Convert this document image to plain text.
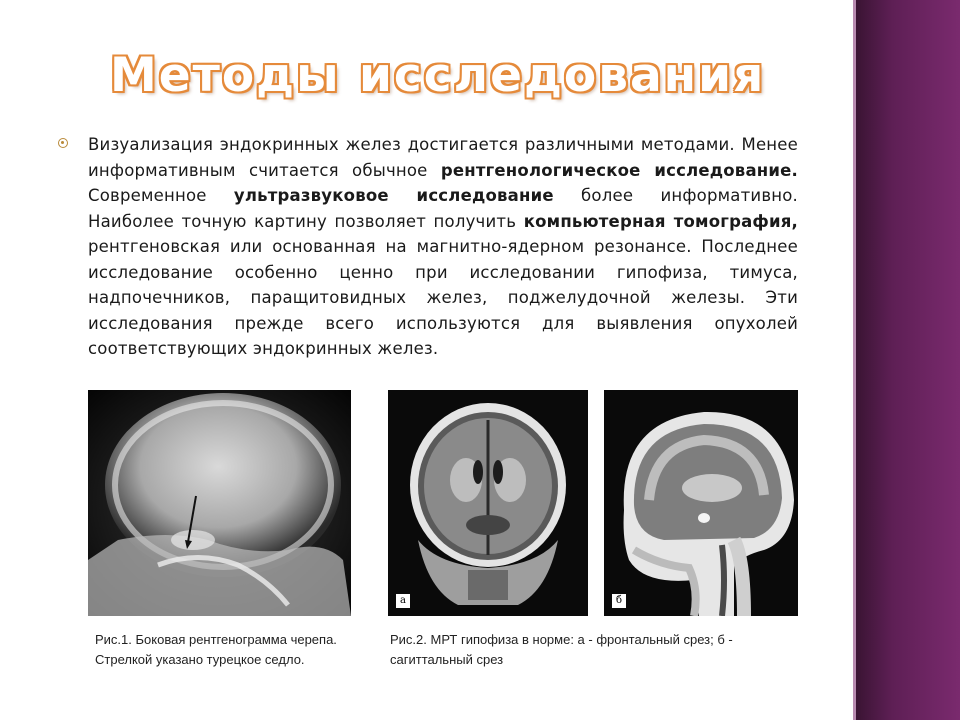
Методы исследования

Визуализация эндокринных желез достигается различными методами. Менее информативным считается обычное рентгенологическое исследование. Современное ультразвуковое исследование более информативно. Наиболее точную картину позволяет получить компьютерная томография, рентгеновская или основанная на магнитно-ядерном резонансе. Последнее исследование особенно ценно при исследовании гипофиза, тимуса, надпочечников, паращитовидных желез, поджелудочной железы. Эти исследования прежде всего используются для выявления опухолей соответствующих эндокринных желез.

а	б

Рис.1. Боковая рентгенограмма черепа. Стрелкой указано турецкое седло.

Рис.2. МРТ гипофиза в норме: а - фронтальный срез; б - сагиттальный срез
